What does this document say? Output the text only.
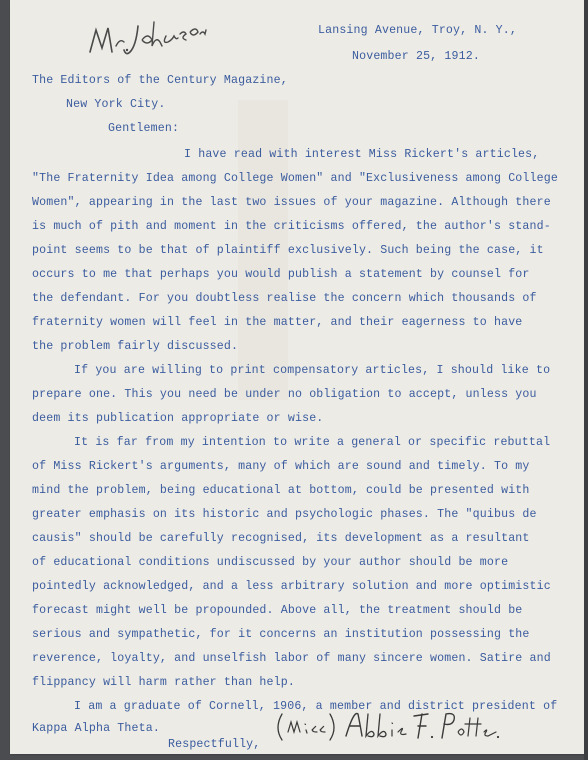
Lansing Avenue, Troy, N. Y.,
November 25, 1912.
The Editors of the Century Magazine,
New York City.
Gentlemen:
I have read with interest Miss Rickert's articles,
"The Fraternity Idea among College Women" and "Exclusiveness among College
Women", appearing in the last two issues of your magazine. Although there
is much of pith and moment in the criticisms offered, the author's stand-
point seems to be that of plaintiff exclusively. Such being the case, it
occurs to me that perhaps you would publish a statement by counsel for
the defendant. For you doubtless realise the concern which thousands of
fraternity women will feel in the matter, and their eagerness to have
the problem fairly discussed.
If you are willing to print compensatory articles, I should like to
prepare one. This you need be under no obligation to accept, unless you
deem its publication appropriate or wise.
It is far from my intention to write a general or specific rebuttal
of Miss Rickert's arguments, many of which are sound and timely. To my
mind the problem, being educational at bottom, could be presented with
greater emphasis on its historic and psychologic phases. The "quibus de
causis" should be carefully recognised, its development as a resultant
of educational conditions undiscussed by your author should be more
pointedly acknowledged, and a less arbitrary solution and more optimistic
forecast might well be propounded. Above all, the treatment should be
serious and sympathetic, for it concerns an institution possessing the
reverence, loyalty, and unselfish labor of many sincere women. Satire and
flippancy will harm rather than help.
I am a graduate of Cornell, 1906, a member and district president of
Kappa Alpha Theta.
Respectfully,
